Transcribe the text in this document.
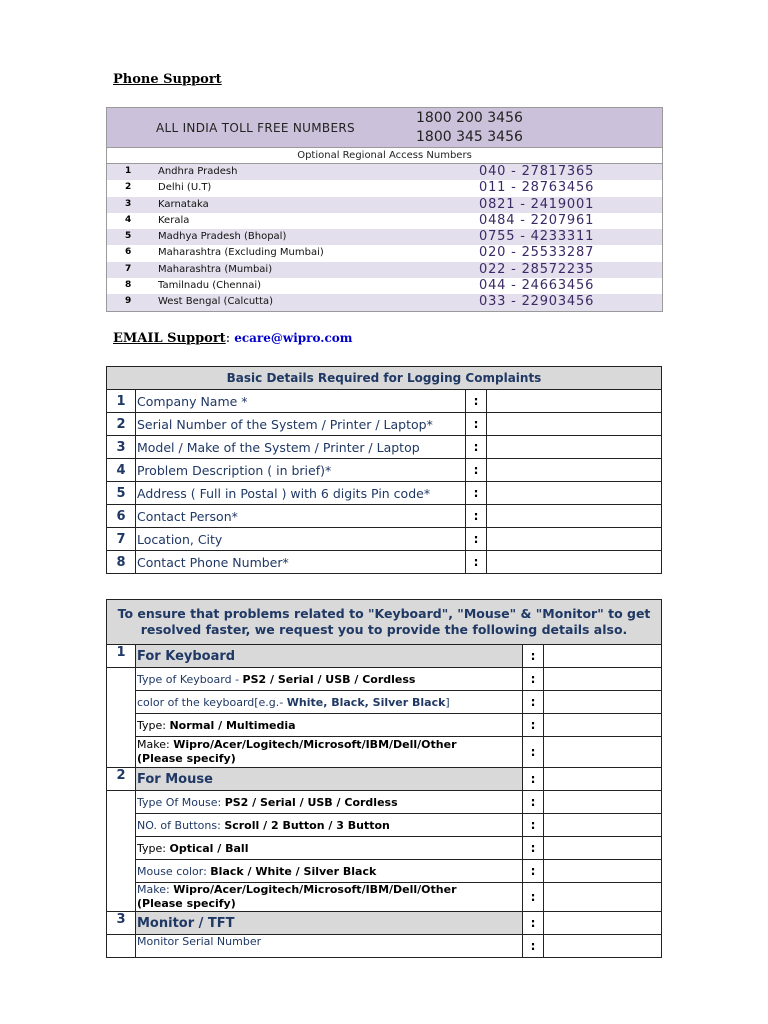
Phone Support
ALL INDIA TOLL FREE NUMBERS
1800 200 3456
1800 345 3456
Optional Regional Access Numbers
1	Andhra Pradesh	040 - 27817365
2	Delhi (U.T)	011 - 28763456
3	Karnataka	0821 - 2419001
4	Kerala	0484 - 2207961
5	Madhya Pradesh (Bhopal)	0755 - 4233311
6	Maharashtra (Excluding Mumbai)	020 - 25533287
7	Maharashtra (Mumbai)	022 - 28572235
8	Tamilnadu (Chennai)	044 - 24663456
9	West Bengal (Calcutta)	033 - 22903456
EMAIL Support: ecare@wipro.com
Basic Details Required for Logging Complaints			
1	Company Name *	:	
2	Serial Number of the System / Printer / Laptop*	:	
3	Model / Make of the System / Printer / Laptop	:	
4	Problem Description ( in brief)*	:	
5	Address ( Full in Postal ) with 6 digits Pin code*	:	
6	Contact Person*	:	
7	Location, City	:	
8	Contact Phone Number*	:	
To ensure that problems related to "Keyboard", "Mouse" & "Monitor" to get resolved faster, we request you to provide the following details also.			
1	For Keyboard	:	
	Type of Keyboard - PS2 / Serial / USB / Cordless	:	
	color of the keyboard[e.g.- White, Black, Silver Black]	:	
	Type: Normal / Multimedia	:	
	Make: Wipro/Acer/Logitech/Microsoft/IBM/Dell/Other
(Please specify)	:	
2	For Mouse	:	
	Type Of Mouse: PS2 / Serial / USB / Cordless	:	
	NO. of Buttons: Scroll / 2 Button / 3 Button	:	
	Type: Optical / Ball	:	
	Mouse color: Black / White / Silver Black	:	
	Make: Wipro/Acer/Logitech/Microsoft/IBM/Dell/Other
(Please specify)	:	
3	Monitor / TFT	:	
	Monitor Serial Number	:	
